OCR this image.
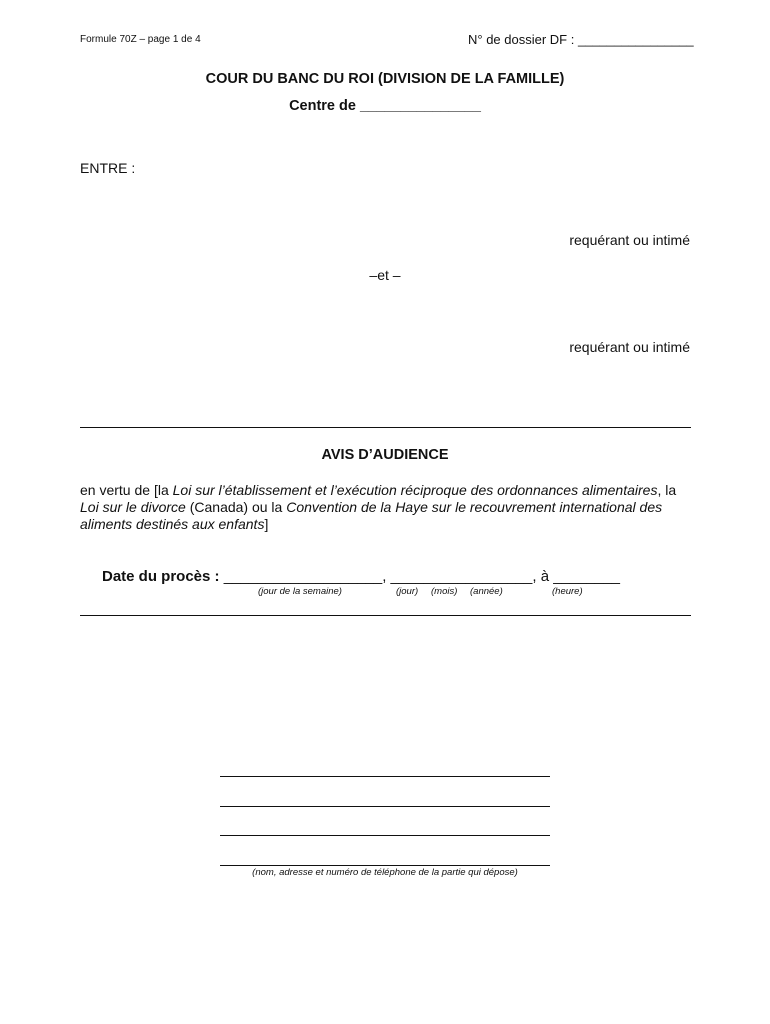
Formule 70Z – page 1 de 4	N° de dossier DF : ________________
COUR DU BANC DU ROI (DIVISION DE LA FAMILLE)
Centre de _______________
ENTRE :
requérant ou intimé
–et –
requérant ou intimé
AVIS D’AUDIENCE
en vertu de [la Loi sur l’établissement et l’exécution réciproque des ordonnances alimentaires, la Loi sur le divorce (Canada) ou la Convention de la Haye sur le recouvrement international des aliments destinés aux enfants]
Date du procès : ___________________, _________________, à ________
(jour de la semaine)	(jour) (mois) (année)	(heure)
(nom, adresse et numéro de téléphone de la partie qui dépose)
